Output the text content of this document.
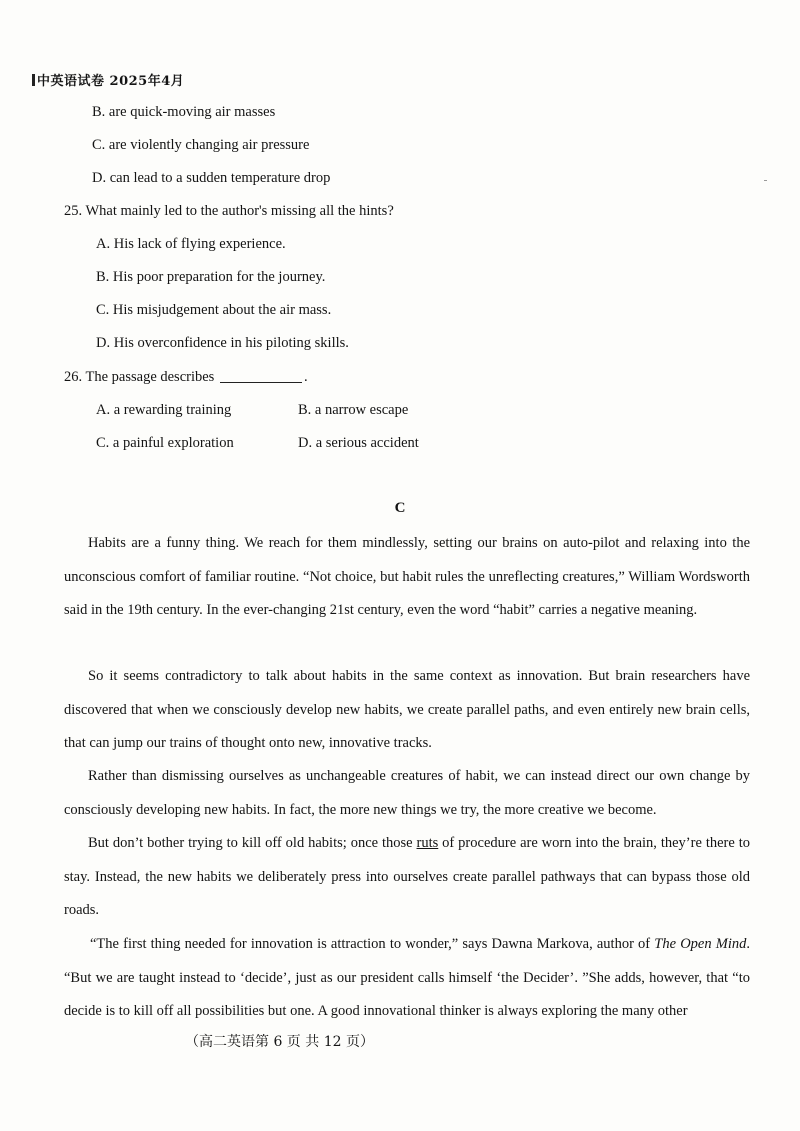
中英语试卷 2025年4月
B. are quick-moving air masses
C. are violently changing air pressure
D. can lead to a sudden temperature drop
25. What mainly led to the author's missing all the hints?
A. His lack of flying experience.
B. His poor preparation for the journey.
C. His misjudgement about the air mass.
D. His overconfidence in his piloting skills.
26. The passage describes	.
A. a rewarding training	B. a narrow escape
C. a painful exploration	D. a serious accident
C
Habits are a funny thing. We reach for them mindlessly, setting our brains on auto-pilot and relaxing into the unconscious comfort of familiar routine. “Not choice, but habit rules the unreflecting creatures,” William Wordsworth said in the 19th century. In the ever-changing 21st century, even the word “habit” carries a negative meaning.
So it seems contradictory to talk about habits in the same context as innovation. But brain researchers have discovered that when we consciously develop new habits, we create parallel paths, and even entirely new brain cells, that can jump our trains of thought onto new, innovative tracks.
Rather than dismissing ourselves as unchangeable creatures of habit, we can instead direct our own change by consciously developing new habits. In fact, the more new things we try, the more creative we become.
But don’t bother trying to kill off old habits; once those ruts of procedure are worn into the brain, they’re there to stay. Instead, the new habits we deliberately press into ourselves create parallel pathways that can bypass those old roads.
“The first thing needed for innovation is attraction to wonder,” says Dawna Markova, author of The Open Mind. “But we are taught instead to ‘decide’, just as our president calls himself ‘the Decider’. ”She adds, however, that “to decide is to kill off all possibilities but one. A good innovational thinker is always exploring the many other
（高二英语第 6 页 共 12 页）
